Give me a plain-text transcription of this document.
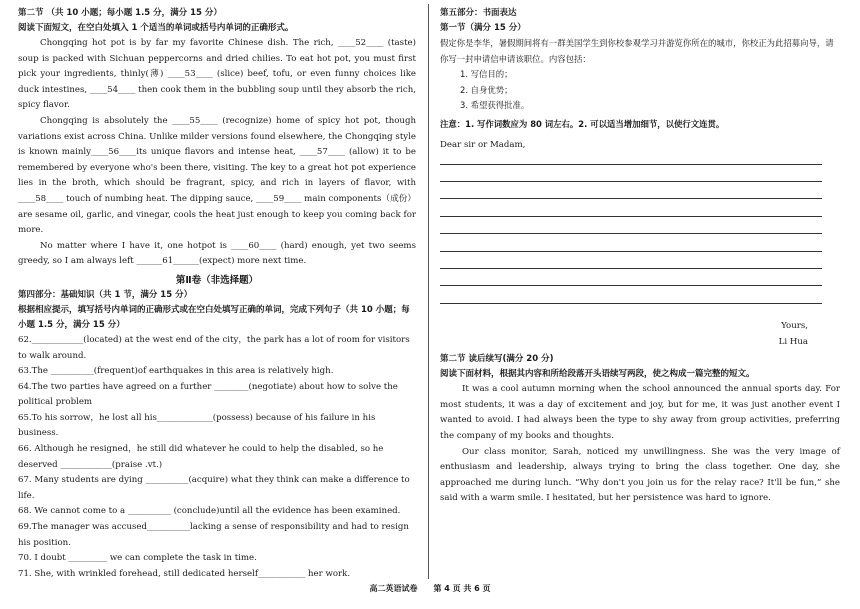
第二节 （共 10 小题；每小题 1.5 分，满分 15 分）
阅读下面短文，在空白处填入 1 个适当的单词或括号内单词的正确形式。

Chongqing hot pot is by far my favorite Chinese dish. The rich, ____52____ (taste) soup is packed with Sichuan peppercorns and dried chilies. To eat hot pot, you must first pick your ingredients, thinly(薄) ____53____ (slice) beef, tofu, or even funny choices like duck intestines, ____54____ then cook them in the bubbling soup until they absorb the rich, spicy flavor.

Chongqing is absolutely the ____55____ (recognize) home of spicy hot pot, though variations exist across China. Unlike milder versions found elsewhere, the Chongqing style is known mainly____56____its unique flavors and intense heat, ____57____ (allow) it to be remembered by everyone who's been there, visiting. The key to a great hot pot experience lies in the broth, which should be fragrant, spicy, and rich in layers of flavor, with ____58____ touch of numbing heat. The dipping sauce, ____59____ main components（成份） are sesame oil, garlic, and vinegar, cools the heat just enough to keep you coming back for more.

No matter where I have it, one hotpot is ____60____ (hard) enough, yet two seems greedy, so I am always left ______61______(expect) more next time.

第Ⅱ卷（非选择题）
第四部分：基础知识（共 1 节，满分 15 分）
根据相应提示，填写括号内单词的正确形式或在空白处填写正确的单词，完成下列句子（共 10 小题；每小题 1.5 分，满分 15 分）

62.____________(located) at the west end of the city，the park has a lot of room for visitors to walk around.

63.The __________(frequent)of earthquakes in this area is relatively high.

64.The two parties have agreed on a further ________(negotiate) about how to solve the political problem

65.To his sorrow，he lost all his_____________(possess) because of his failure in his business.

66. Although he resigned，he still did whatever he could to help the disabled, so he deserved ____________(praise .vt.)

67. Many students are dying __________(acquire) what they think can make a difference to life.

68. We cannot come to a __________ (conclude)until all the evidence has been examined.

69.The manager was accused__________lacking a sense of responsibility and had to resign his position.

70. I doubt _________ we can complete the task in time.

71. She, with wrinkled forehead, still dedicated herself___________ her work.

第五部分：书面表达
第一节（满分 15 分）

假定你是李华，暑假期间将有一群美国学生到你校参观学习并游览你所在的城市，你校正为此招募向导，请你写一封申请信申请该职位。内容包括：

1. 写信目的；

2. 自身优势；

3. 希望获得批准。

注意：1. 写作词数应为 80 词左右。2. 可以适当增加细节，以使行文连贯。
Dear sir or Madam,
Yours,
Li Hua
第二节 读后续写(满分 20 分)
阅读下面材料，根据其内容和所给段落开头语续写两段，使之构成一篇完整的短文。

It was a cool autumn morning when the school announced the annual sports day. For most students, it was a day of excitement and joy, but for me, it was just another event I wanted to avoid. I had always been the type to shy away from group activities, preferring the company of my books and thoughts.

Our class monitor, Sarah, noticed my unwillingness. She was the very image of enthusiasm and leadership, always trying to bring the class together. One day, she approached me during lunch. “Why don't you join us for the relay race? It'll be fun,” she said with a warm smile. I hesitated, but her persistence was hard to ignore.

高二英语试卷　　第 4 页 共 6 页
